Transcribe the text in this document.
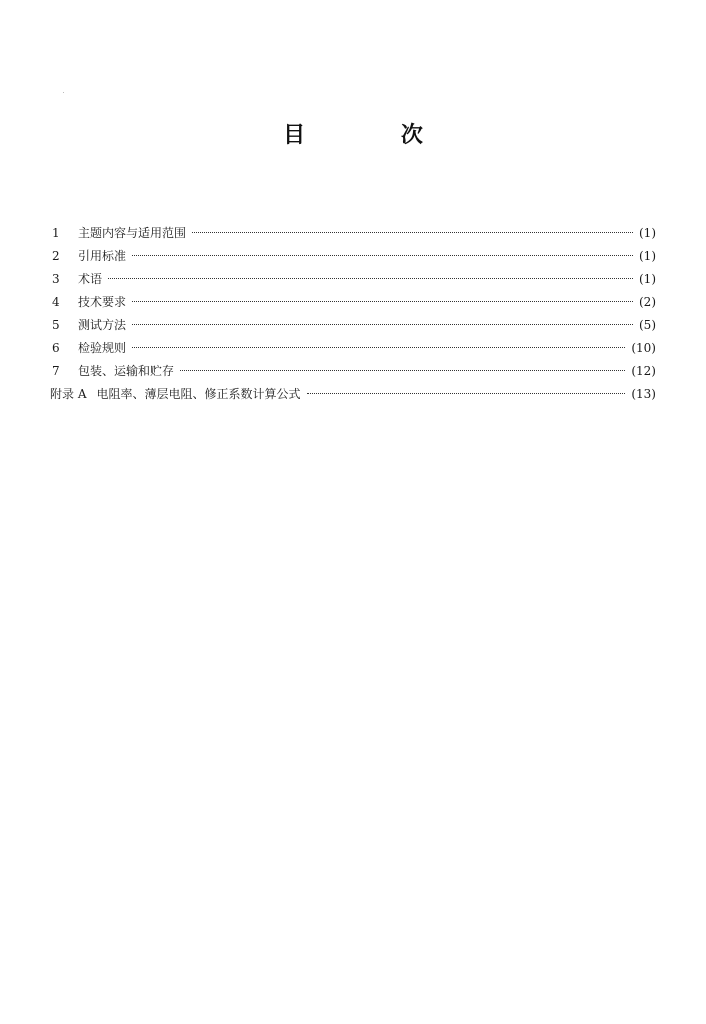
目 次
1	主题内容与适用范围	(1)
2	引用标准	(1)
3	术语	(1)
4	技术要求	(2)
5	测试方法	(5)
6	检验规则	(10)
7	包装、运输和贮存	(12)
附录 A 电阻率、薄层电阻、修正系数计算公式	(13)
